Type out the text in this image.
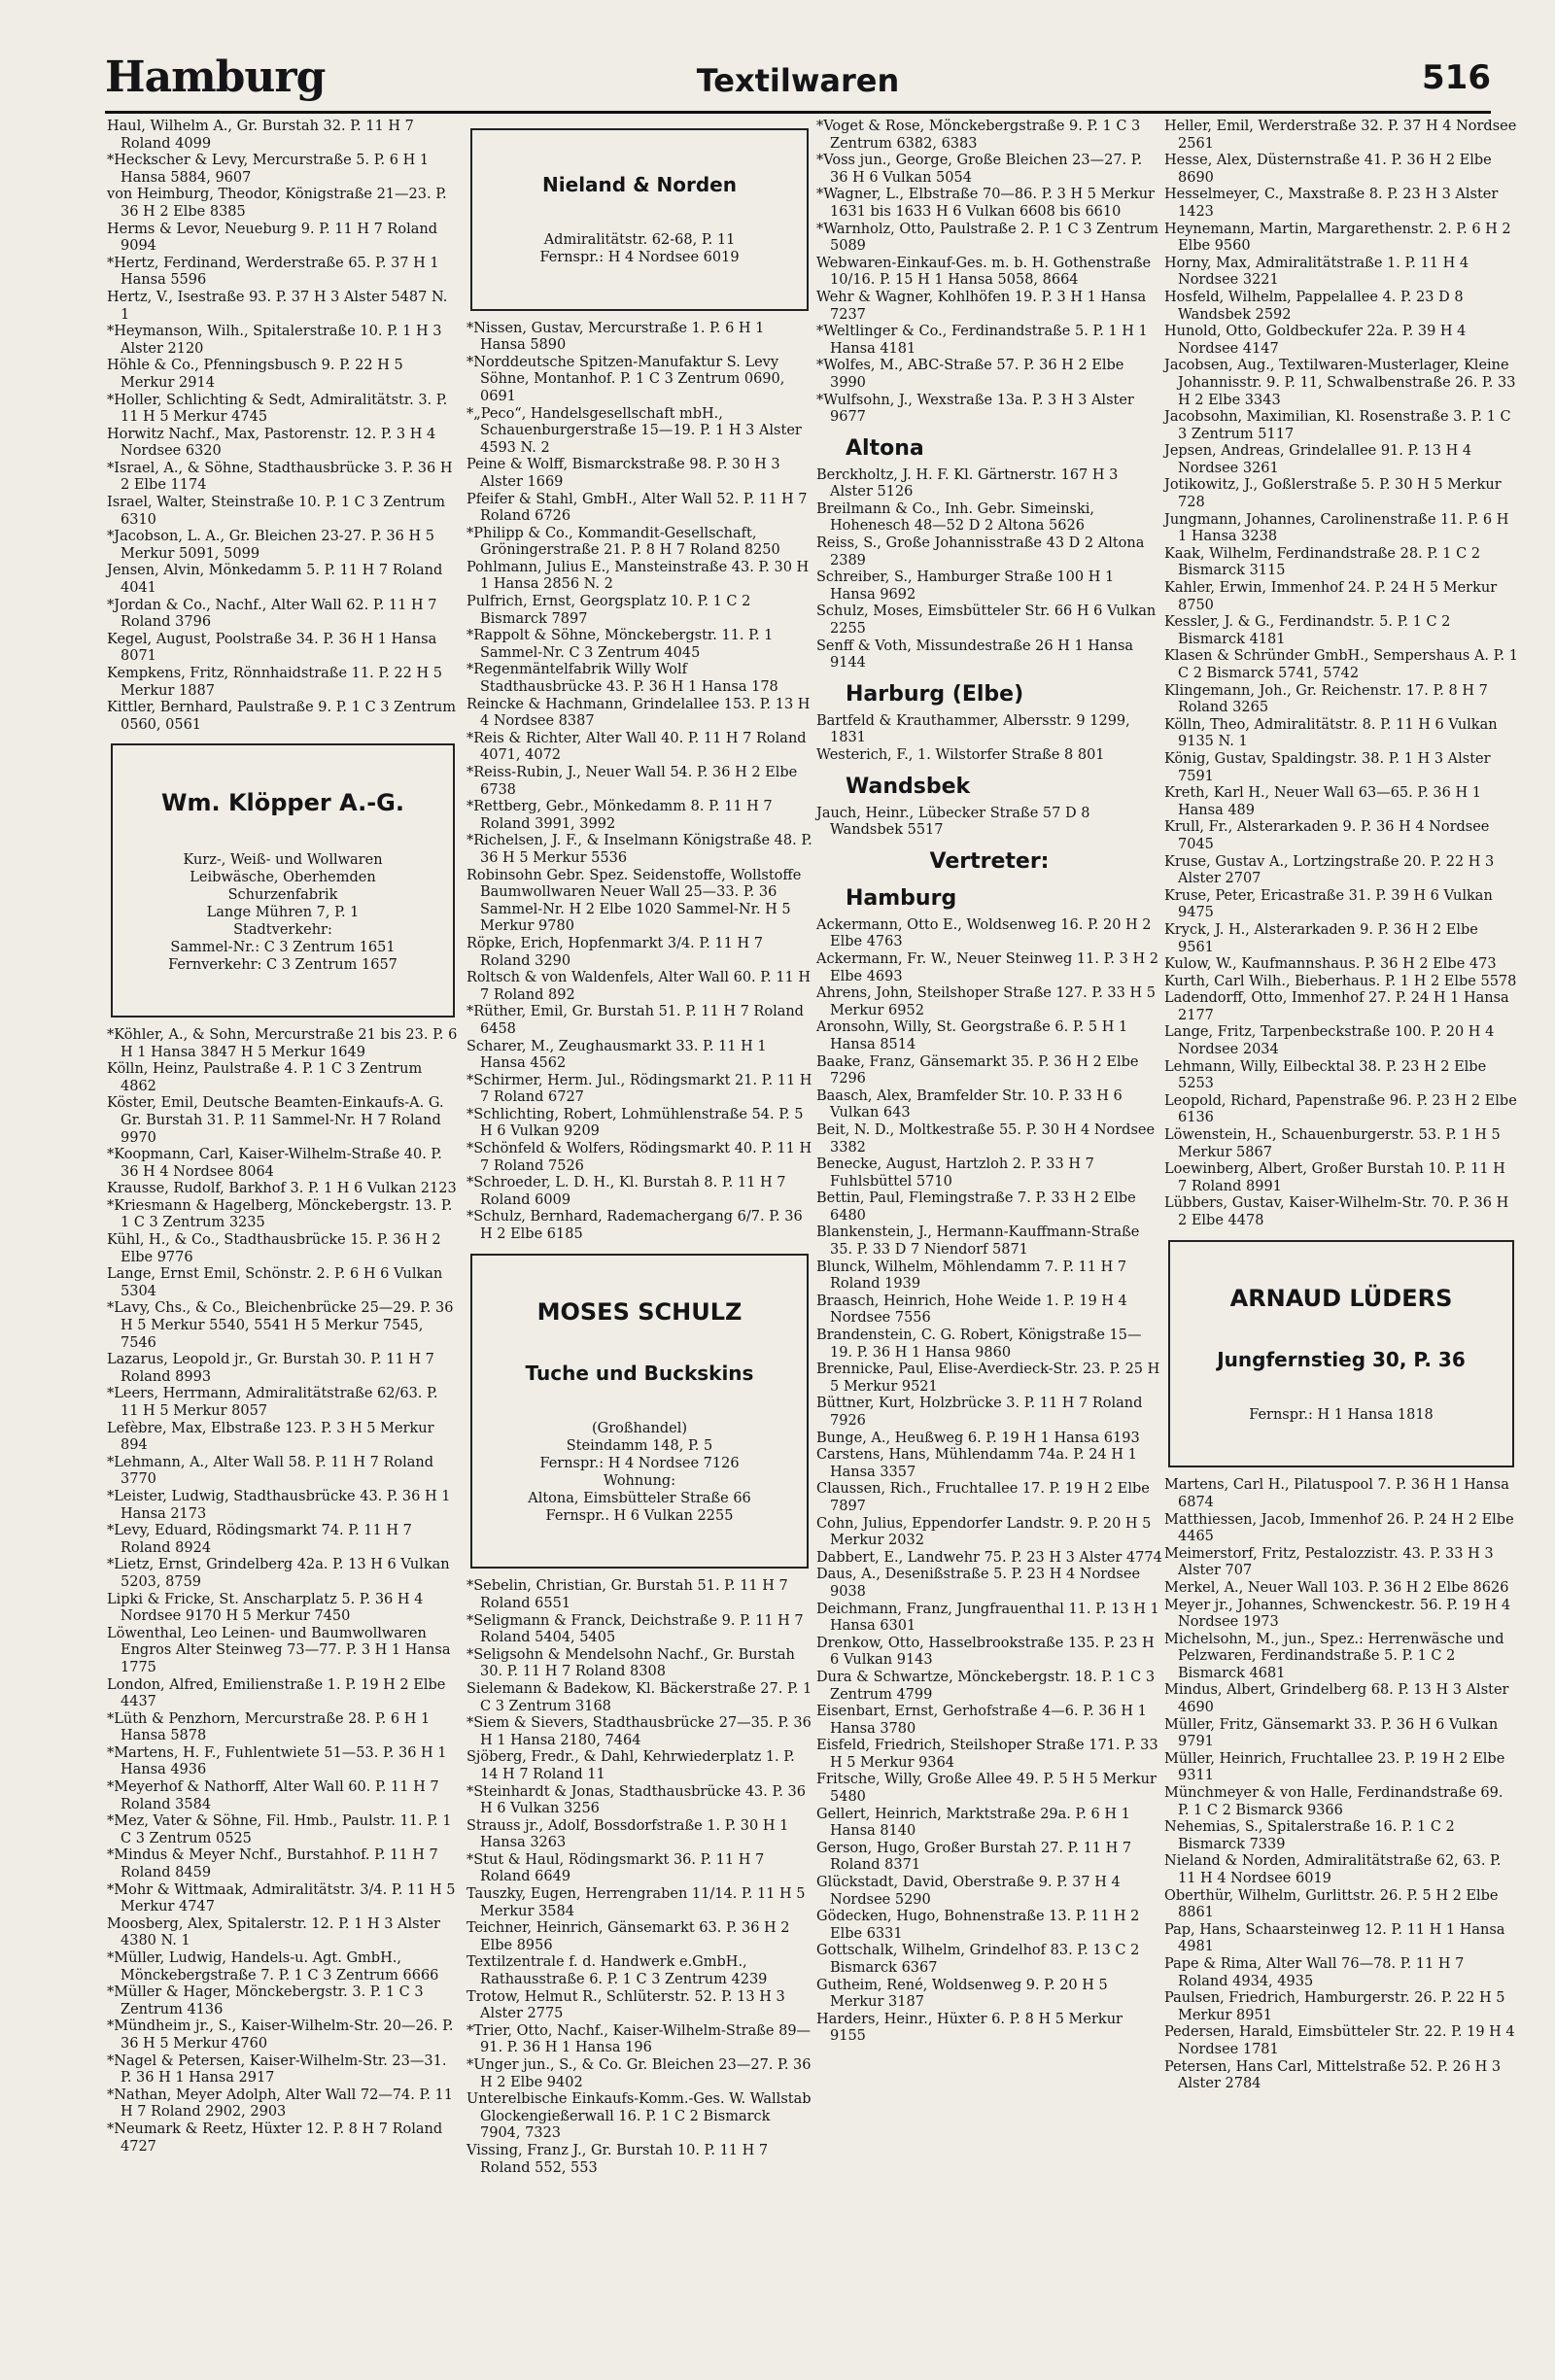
Hamburg	Textilwaren	516

Haul, Wilhelm A., Gr. Burstah 32. P. 11 H 7 Roland 4099

*Heckscher & Levy, Mercurstraße 5. P. 6 H 1 Hansa 5884, 9607

von Heimburg, Theodor, Königstraße 21—23. P. 36 H 2 Elbe 8385

Herms & Levor, Neueburg 9. P. 11 H 7 Roland 9094

*Hertz, Ferdinand, Werderstraße 65. P. 37 H 1 Hansa 5596

Hertz, V., Isestraße 93. P. 37 H 3 Alster 5487 N. 1

*Heymanson, Wilh., Spitalerstraße 10. P. 1 H 3 Alster 2120

Höhle & Co., Pfenningsbusch 9. P. 22 H 5 Merkur 2914

*Holler, Schlichting & Sedt, Admiralitätstr. 3. P. 11 H 5 Merkur 4745

Horwitz Nachf., Max, Pastorenstr. 12. P. 3 H 4 Nordsee 6320

*Israel, A., & Söhne, Stadthausbrücke 3. P. 36 H 2 Elbe 1174

Israel, Walter, Steinstraße 10. P. 1 C 3 Zentrum 6310

*Jacobson, L. A., Gr. Bleichen 23-27. P. 36 H 5 Merkur 5091, 5099

Jensen, Alvin, Mönkedamm 5. P. 11 H 7 Roland 4041

*Jordan & Co., Nachf., Alter Wall 62. P. 11 H 7 Roland 3796

Kegel, August, Poolstraße 34. P. 36 H 1 Hansa 8071

Kempkens, Fritz, Rönnhaidstraße 11. P. 22 H 5 Merkur 1887

Kittler, Bernhard, Paulstraße 9. P. 1 C 3 Zentrum 0560, 0561

Wm. Klöpper A.-G.

Kurz-, Weiß- und Wollwaren
Leibwäsche, Oberhemden
Schurzenfabrik
Lange Mühren 7, P. 1
Stadtverkehr:
Sammel-Nr.: C 3 Zentrum 1651
Fernverkehr: C 3 Zentrum 1657

*Köhler, A., & Sohn, Mercurstraße 21 bis 23. P. 6 H 1 Hansa 3847 H 5 Merkur 1649

Kölln, Heinz, Paulstraße 4. P. 1 C 3 Zentrum 4862

Köster, Emil, Deutsche Beamten-Einkaufs-A. G. Gr. Burstah 31. P. 11 Sammel-Nr. H 7 Roland 9970

*Koopmann, Carl, Kaiser-Wilhelm-Straße 40. P. 36 H 4 Nordsee 8064

Krausse, Rudolf, Barkhof 3. P. 1 H 6 Vulkan 2123

*Kriesmann & Hagelberg, Mönckebergstr. 13. P. 1 C 3 Zentrum 3235

Kühl, H., & Co., Stadthausbrücke 15. P. 36 H 2 Elbe 9776

Lange, Ernst Emil, Schönstr. 2. P. 6 H 6 Vulkan 5304

*Lavy, Chs., & Co., Bleichenbrücke 25—29. P. 36 H 5 Merkur 5540, 5541 H 5 Merkur 7545, 7546

Lazarus, Leopold jr., Gr. Burstah 30. P. 11 H 7 Roland 8993

*Leers, Herrmann, Admiralitätstraße 62/63. P. 11 H 5 Merkur 8057

Lefèbre, Max, Elbstraße 123. P. 3 H 5 Merkur 894

*Lehmann, A., Alter Wall 58. P. 11 H 7 Roland 3770

*Leister, Ludwig, Stadthausbrücke 43. P. 36 H 1 Hansa 2173

*Levy, Eduard, Rödingsmarkt 74. P. 11 H 7 Roland 8924

*Lietz, Ernst, Grindelberg 42a. P. 13 H 6 Vulkan 5203, 8759

Lipki & Fricke, St. Anscharplatz 5. P. 36 H 4 Nordsee 9170 H 5 Merkur 7450

Löwenthal, Leo Leinen- und Baumwollwaren Engros Alter Steinweg 73—77. P. 3 H 1 Hansa 1775

London, Alfred, Emilienstraße 1. P. 19 H 2 Elbe 4437

*Lüth & Penzhorn, Mercurstraße 28. P. 6 H 1 Hansa 5878

*Martens, H. F., Fuhlentwiete 51—53. P. 36 H 1 Hansa 4936

*Meyerhof & Nathorff, Alter Wall 60. P. 11 H 7 Roland 3584

*Mez, Vater & Söhne, Fil. Hmb., Paulstr. 11. P. 1 C 3 Zentrum 0525

*Mindus & Meyer Nchf., Burstahhof. P. 11 H 7 Roland 8459

*Mohr & Wittmaak, Admiralitätstr. 3/4. P. 11 H 5 Merkur 4747

Moosberg, Alex, Spitalerstr. 12. P. 1 H 3 Alster 4380 N. 1

*Müller, Ludwig, Handels-u. Agt. GmbH., Mönckebergstraße 7. P. 1 C 3 Zentrum 6666

*Müller & Hager, Mönckebergstr. 3. P. 1 C 3 Zentrum 4136

*Mündheim jr., S., Kaiser-Wilhelm-Str. 20—26. P. 36 H 5 Merkur 4760

*Nagel & Petersen, Kaiser-Wilhelm-Str. 23—31. P. 36 H 1 Hansa 2917

*Nathan, Meyer Adolph, Alter Wall 72—74. P. 11 H 7 Roland 2902, 2903

*Neumark & Reetz, Hüxter 12. P. 8 H 7 Roland 4727

Nieland & Norden

Admiralitätstr. 62-68, P. 11
Fernspr.: H 4 Nordsee 6019

*Nissen, Gustav, Mercurstraße 1. P. 6 H 1 Hansa 5890

*Norddeutsche Spitzen-Manufaktur S. Levy Söhne, Montanhof. P. 1 C 3 Zentrum 0690, 0691

*„Peco“, Handelsgesellschaft mbH., Schauenburgerstraße 15—19. P. 1 H 3 Alster 4593 N. 2

Peine & Wolff, Bismarckstraße 98. P. 30 H 3 Alster 1669

Pfeifer & Stahl, GmbH., Alter Wall 52. P. 11 H 7 Roland 6726

*Philipp & Co., Kommandit-Gesellschaft, Gröningerstraße 21. P. 8 H 7 Roland 8250

Pohlmann, Julius E., Mansteinstraße 43. P. 30 H 1 Hansa 2856 N. 2

Pulfrich, Ernst, Georgsplatz 10. P. 1 C 2 Bismarck 7897

*Rappolt & Söhne, Mönckebergstr. 11. P. 1 Sammel-Nr. C 3 Zentrum 4045

*Regenmäntelfabrik Willy Wolf Stadthausbrücke 43. P. 36 H 1 Hansa 178

Reincke & Hachmann, Grindelallee 153. P. 13 H 4 Nordsee 8387

*Reis & Richter, Alter Wall 40. P. 11 H 7 Roland 4071, 4072

*Reiss-Rubin, J., Neuer Wall 54. P. 36 H 2 Elbe 6738

*Rettberg, Gebr., Mönkedamm 8. P. 11 H 7 Roland 3991, 3992

*Richelsen, J. F., & Inselmann Königstraße 48. P. 36 H 5 Merkur 5536

Robinsohn Gebr. Spez. Seidenstoffe, Wollstoffe Baumwollwaren Neuer Wall 25—33. P. 36 Sammel-Nr. H 2 Elbe 1020 Sammel-Nr. H 5 Merkur 9780

Röpke, Erich, Hopfenmarkt 3/4. P. 11 H 7 Roland 3290

Roltsch & von Waldenfels, Alter Wall 60. P. 11 H 7 Roland 892

*Rüther, Emil, Gr. Burstah 51. P. 11 H 7 Roland 6458

Scharer, M., Zeughausmarkt 33. P. 11 H 1 Hansa 4562

*Schirmer, Herm. Jul., Rödingsmarkt 21. P. 11 H 7 Roland 6727

*Schlichting, Robert, Lohmühlenstraße 54. P. 5 H 6 Vulkan 9209

*Schönfeld & Wolfers, Rödingsmarkt 40. P. 11 H 7 Roland 7526

*Schroeder, L. D. H., Kl. Burstah 8. P. 11 H 7 Roland 6009

*Schulz, Bernhard, Rademachergang 6/7. P. 36 H 2 Elbe 6185

MOSES SCHULZ

Tuche und Buckskins

(Großhandel)
Steindamm 148, P. 5
Fernspr.: H 4 Nordsee 7126
Wohnung:
Altona, Eimsbütteler Straße 66
Fernspr.. H 6 Vulkan 2255

*Sebelin, Christian, Gr. Burstah 51. P. 11 H 7 Roland 6551

*Seligmann & Franck, Deichstraße 9. P. 11 H 7 Roland 5404, 5405

*Seligsohn & Mendelsohn Nachf., Gr. Burstah 30. P. 11 H 7 Roland 8308

Sielemann & Badekow, Kl. Bäckerstraße 27. P. 1 C 3 Zentrum 3168

*Siem & Sievers, Stadthausbrücke 27—35. P. 36 H 1 Hansa 2180, 7464

Sjöberg, Fredr., & Dahl, Kehrwiederplatz 1. P. 14 H 7 Roland 11

*Steinhardt & Jonas, Stadthausbrücke 43. P. 36 H 6 Vulkan 3256

Strauss jr., Adolf, Bossdorfstraße 1. P. 30 H 1 Hansa 3263

*Stut & Haul, Rödingsmarkt 36. P. 11 H 7 Roland 6649

Tauszky, Eugen, Herrengraben 11/14. P. 11 H 5 Merkur 3584

Teichner, Heinrich, Gänsemarkt 63. P. 36 H 2 Elbe 8956

Textilzentrale f. d. Handwerk e.GmbH., Rathausstraße 6. P. 1 C 3 Zentrum 4239

Trotow, Helmut R., Schlüterstr. 52. P. 13 H 3 Alster 2775

*Trier, Otto, Nachf., Kaiser-Wilhelm-Straße 89—91. P. 36 H 1 Hansa 196

*Unger jun., S., & Co. Gr. Bleichen 23—27. P. 36 H 2 Elbe 9402

Unterelbische Einkaufs-Komm.-Ges. W. Wallstab Glockengießerwall 16. P. 1 C 2 Bismarck 7904, 7323

Vissing, Franz J., Gr. Burstah 10. P. 11 H 7 Roland 552, 553

*Voget & Rose, Mönckebergstraße 9. P. 1 C 3 Zentrum 6382, 6383

*Voss jun., George, Große Bleichen 23—27. P. 36 H 6 Vulkan 5054

*Wagner, L., Elbstraße 70—86. P. 3 H 5 Merkur 1631 bis 1633 H 6 Vulkan 6608 bis 6610

*Warnholz, Otto, Paulstraße 2. P. 1 C 3 Zentrum 5089

Webwaren-Einkauf-Ges. m. b. H. Gothenstraße 10/16. P. 15 H 1 Hansa 5058, 8664

Wehr & Wagner, Kohlhöfen 19. P. 3 H 1 Hansa 7237

*Weltlinger & Co., Ferdinandstraße 5. P. 1 H 1 Hansa 4181

*Wolfes, M., ABC-Straße 57. P. 36 H 2 Elbe 3990

*Wulfsohn, J., Wexstraße 13a. P. 3 H 3 Alster 9677

Altona

Berckholtz, J. H. F. Kl. Gärtnerstr. 167 H 3 Alster 5126

Breilmann & Co., Inh. Gebr. Simeinski, Hohenesch 48—52 D 2 Altona 5626

Reiss, S., Große Johannisstraße 43 D 2 Altona 2389

Schreiber, S., Hamburger Straße 100 H 1 Hansa 9692

Schulz, Moses, Eimsbütteler Str. 66 H 6 Vulkan 2255

Senff & Voth, Missundestraße 26 H 1 Hansa 9144

Harburg (Elbe)

Bartfeld & Krauthammer, Albersstr. 9 1299, 1831

Westerich, F., 1. Wilstorfer Straße 8 801

Wandsbek

Jauch, Heinr., Lübecker Straße 57 D 8 Wandsbek 5517

Vertreter:
Hamburg

Ackermann, Otto E., Woldsenweg 16. P. 20 H 2 Elbe 4763

Ackermann, Fr. W., Neuer Steinweg 11. P. 3 H 2 Elbe 4693

Ahrens, John, Steilshoper Straße 127. P. 33 H 5 Merkur 6952

Aronsohn, Willy, St. Georgstraße 6. P. 5 H 1 Hansa 8514

Baake, Franz, Gänsemarkt 35. P. 36 H 2 Elbe 7296

Baasch, Alex, Bramfelder Str. 10. P. 33 H 6 Vulkan 643

Beit, N. D., Moltkestraße 55. P. 30 H 4 Nordsee 3382

Benecke, August, Hartzloh 2. P. 33 H 7 Fuhlsbüttel 5710

Bettin, Paul, Flemingstraße 7. P. 33 H 2 Elbe 6480

Blankenstein, J., Hermann-Kauffmann-Straße 35. P. 33 D 7 Niendorf 5871

Blunck, Wilhelm, Möhlendamm 7. P. 11 H 7 Roland 1939

Braasch, Heinrich, Hohe Weide 1. P. 19 H 4 Nordsee 7556

Brandenstein, C. G. Robert, Königstraße 15—19. P. 36 H 1 Hansa 9860

Brennicke, Paul, Elise-Averdieck-Str. 23. P. 25 H 5 Merkur 9521

Büttner, Kurt, Holzbrücke 3. P. 11 H 7 Roland 7926

Bunge, A., Heußweg 6. P. 19 H 1 Hansa 6193

Carstens, Hans, Mühlendamm 74a. P. 24 H 1 Hansa 3357

Claussen, Rich., Fruchtallee 17. P. 19 H 2 Elbe 7897

Cohn, Julius, Eppendorfer Landstr. 9. P. 20 H 5 Merkur 2032

Dabbert, E., Landwehr 75. P. 23 H 3 Alster 4774

Daus, A., Desenißstraße 5. P. 23 H 4 Nordsee 9038

Deichmann, Franz, Jungfrauenthal 11. P. 13 H 1 Hansa 6301

Drenkow, Otto, Hasselbrookstraße 135. P. 23 H 6 Vulkan 9143

Dura & Schwartze, Mönckebergstr. 18. P. 1 C 3 Zentrum 4799

Eisenbart, Ernst, Gerhofstraße 4—6. P. 36 H 1 Hansa 3780

Eisfeld, Friedrich, Steilshoper Straße 171. P. 33 H 5 Merkur 9364

Fritsche, Willy, Große Allee 49. P. 5 H 5 Merkur 5480

Gellert, Heinrich, Marktstraße 29a. P. 6 H 1 Hansa 8140

Gerson, Hugo, Großer Burstah 27. P. 11 H 7 Roland 8371

Glückstadt, David, Oberstraße 9. P. 37 H 4 Nordsee 5290

Gödecken, Hugo, Bohnenstraße 13. P. 11 H 2 Elbe 6331

Gottschalk, Wilhelm, Grindelhof 83. P. 13 C 2 Bismarck 6367

Gutheim, René, Woldsenweg 9. P. 20 H 5 Merkur 3187

Harders, Heinr., Hüxter 6. P. 8 H 5 Merkur 9155

Heller, Emil, Werderstraße 32. P. 37 H 4 Nordsee 2561

Hesse, Alex, Düsternstraße 41. P. 36 H 2 Elbe 8690

Hesselmeyer, C., Maxstraße 8. P. 23 H 3 Alster 1423

Heynemann, Martin, Margarethenstr. 2. P. 6 H 2 Elbe 9560

Horny, Max, Admiralitätstraße 1. P. 11 H 4 Nordsee 3221

Hosfeld, Wilhelm, Pappelallee 4. P. 23 D 8 Wandsbek 2592

Hunold, Otto, Goldbeckufer 22a. P. 39 H 4 Nordsee 4147

Jacobsen, Aug., Textilwaren-Musterlager, Kleine Johannisstr. 9. P. 11, Schwalbenstraße 26. P. 33 H 2 Elbe 3343

Jacobsohn, Maximilian, Kl. Rosenstraße 3. P. 1 C 3 Zentrum 5117

Jepsen, Andreas, Grindelallee 91. P. 13 H 4 Nordsee 3261

Jotikowitz, J., Goßlerstraße 5. P. 30 H 5 Merkur 728

Jungmann, Johannes, Carolinenstraße 11. P. 6 H 1 Hansa 3238

Kaak, Wilhelm, Ferdinandstraße 28. P. 1 C 2 Bismarck 3115

Kahler, Erwin, Immenhof 24. P. 24 H 5 Merkur 8750

Kessler, J. & G., Ferdinandstr. 5. P. 1 C 2 Bismarck 4181

Klasen & Schründer GmbH., Sempershaus A. P. 1 C 2 Bismarck 5741, 5742

Klingemann, Joh., Gr. Reichenstr. 17. P. 8 H 7 Roland 3265

Kölln, Theo, Admiralitätstr. 8. P. 11 H 6 Vulkan 9135 N. 1

König, Gustav, Spaldingstr. 38. P. 1 H 3 Alster 7591

Kreth, Karl H., Neuer Wall 63—65. P. 36 H 1 Hansa 489

Krull, Fr., Alsterarkaden 9. P. 36 H 4 Nordsee 7045

Kruse, Gustav A., Lortzingstraße 20. P. 22 H 3 Alster 2707

Kruse, Peter, Ericastraße 31. P. 39 H 6 Vulkan 9475

Kryck, J. H., Alsterarkaden 9. P. 36 H 2 Elbe 9561

Kulow, W., Kaufmannshaus. P. 36 H 2 Elbe 473

Kurth, Carl Wilh., Bieberhaus. P. 1 H 2 Elbe 5578

Ladendorff, Otto, Immenhof 27. P. 24 H 1 Hansa 2177

Lange, Fritz, Tarpenbeckstraße 100. P. 20 H 4 Nordsee 2034

Lehmann, Willy, Eilbecktal 38. P. 23 H 2 Elbe 5253

Leopold, Richard, Papenstraße 96. P. 23 H 2 Elbe 6136

Löwenstein, H., Schauenburgerstr. 53. P. 1 H 5 Merkur 5867

Loewinberg, Albert, Großer Burstah 10. P. 11 H 7 Roland 8991

Lübbers, Gustav, Kaiser-Wilhelm-Str. 70. P. 36 H 2 Elbe 4478

ARNAUD LÜDERS

Jungfernstieg 30, P. 36

Fernspr.: H 1 Hansa 1818

Martens, Carl H., Pilatuspool 7. P. 36 H 1 Hansa 6874

Matthiessen, Jacob, Immenhof 26. P. 24 H 2 Elbe 4465

Meimerstorf, Fritz, Pestalozzistr. 43. P. 33 H 3 Alster 707

Merkel, A., Neuer Wall 103. P. 36 H 2 Elbe 8626

Meyer jr., Johannes, Schwenckestr. 56. P. 19 H 4 Nordsee 1973

Michelsohn, M., jun., Spez.: Herrenwäsche und Pelzwaren, Ferdinandstraße 5. P. 1 C 2 Bismarck 4681

Mindus, Albert, Grindelberg 68. P. 13 H 3 Alster 4690

Müller, Fritz, Gänsemarkt 33. P. 36 H 6 Vulkan 9791

Müller, Heinrich, Fruchtallee 23. P. 19 H 2 Elbe 9311

Münchmeyer & von Halle, Ferdinandstraße 69. P. 1 C 2 Bismarck 9366

Nehemias, S., Spitalerstraße 16. P. 1 C 2 Bismarck 7339

Nieland & Norden, Admiralitätstraße 62, 63. P. 11 H 4 Nordsee 6019

Oberthür, Wilhelm, Gurlittstr. 26. P. 5 H 2 Elbe 8861

Pap, Hans, Schaarsteinweg 12. P. 11 H 1 Hansa 4981

Pape & Rima, Alter Wall 76—78. P. 11 H 7 Roland 4934, 4935

Paulsen, Friedrich, Hamburgerstr. 26. P. 22 H 5 Merkur 8951

Pedersen, Harald, Eimsbütteler Str. 22. P. 19 H 4 Nordsee 1781

Petersen, Hans Carl, Mittelstraße 52. P. 26 H 3 Alster 2784
